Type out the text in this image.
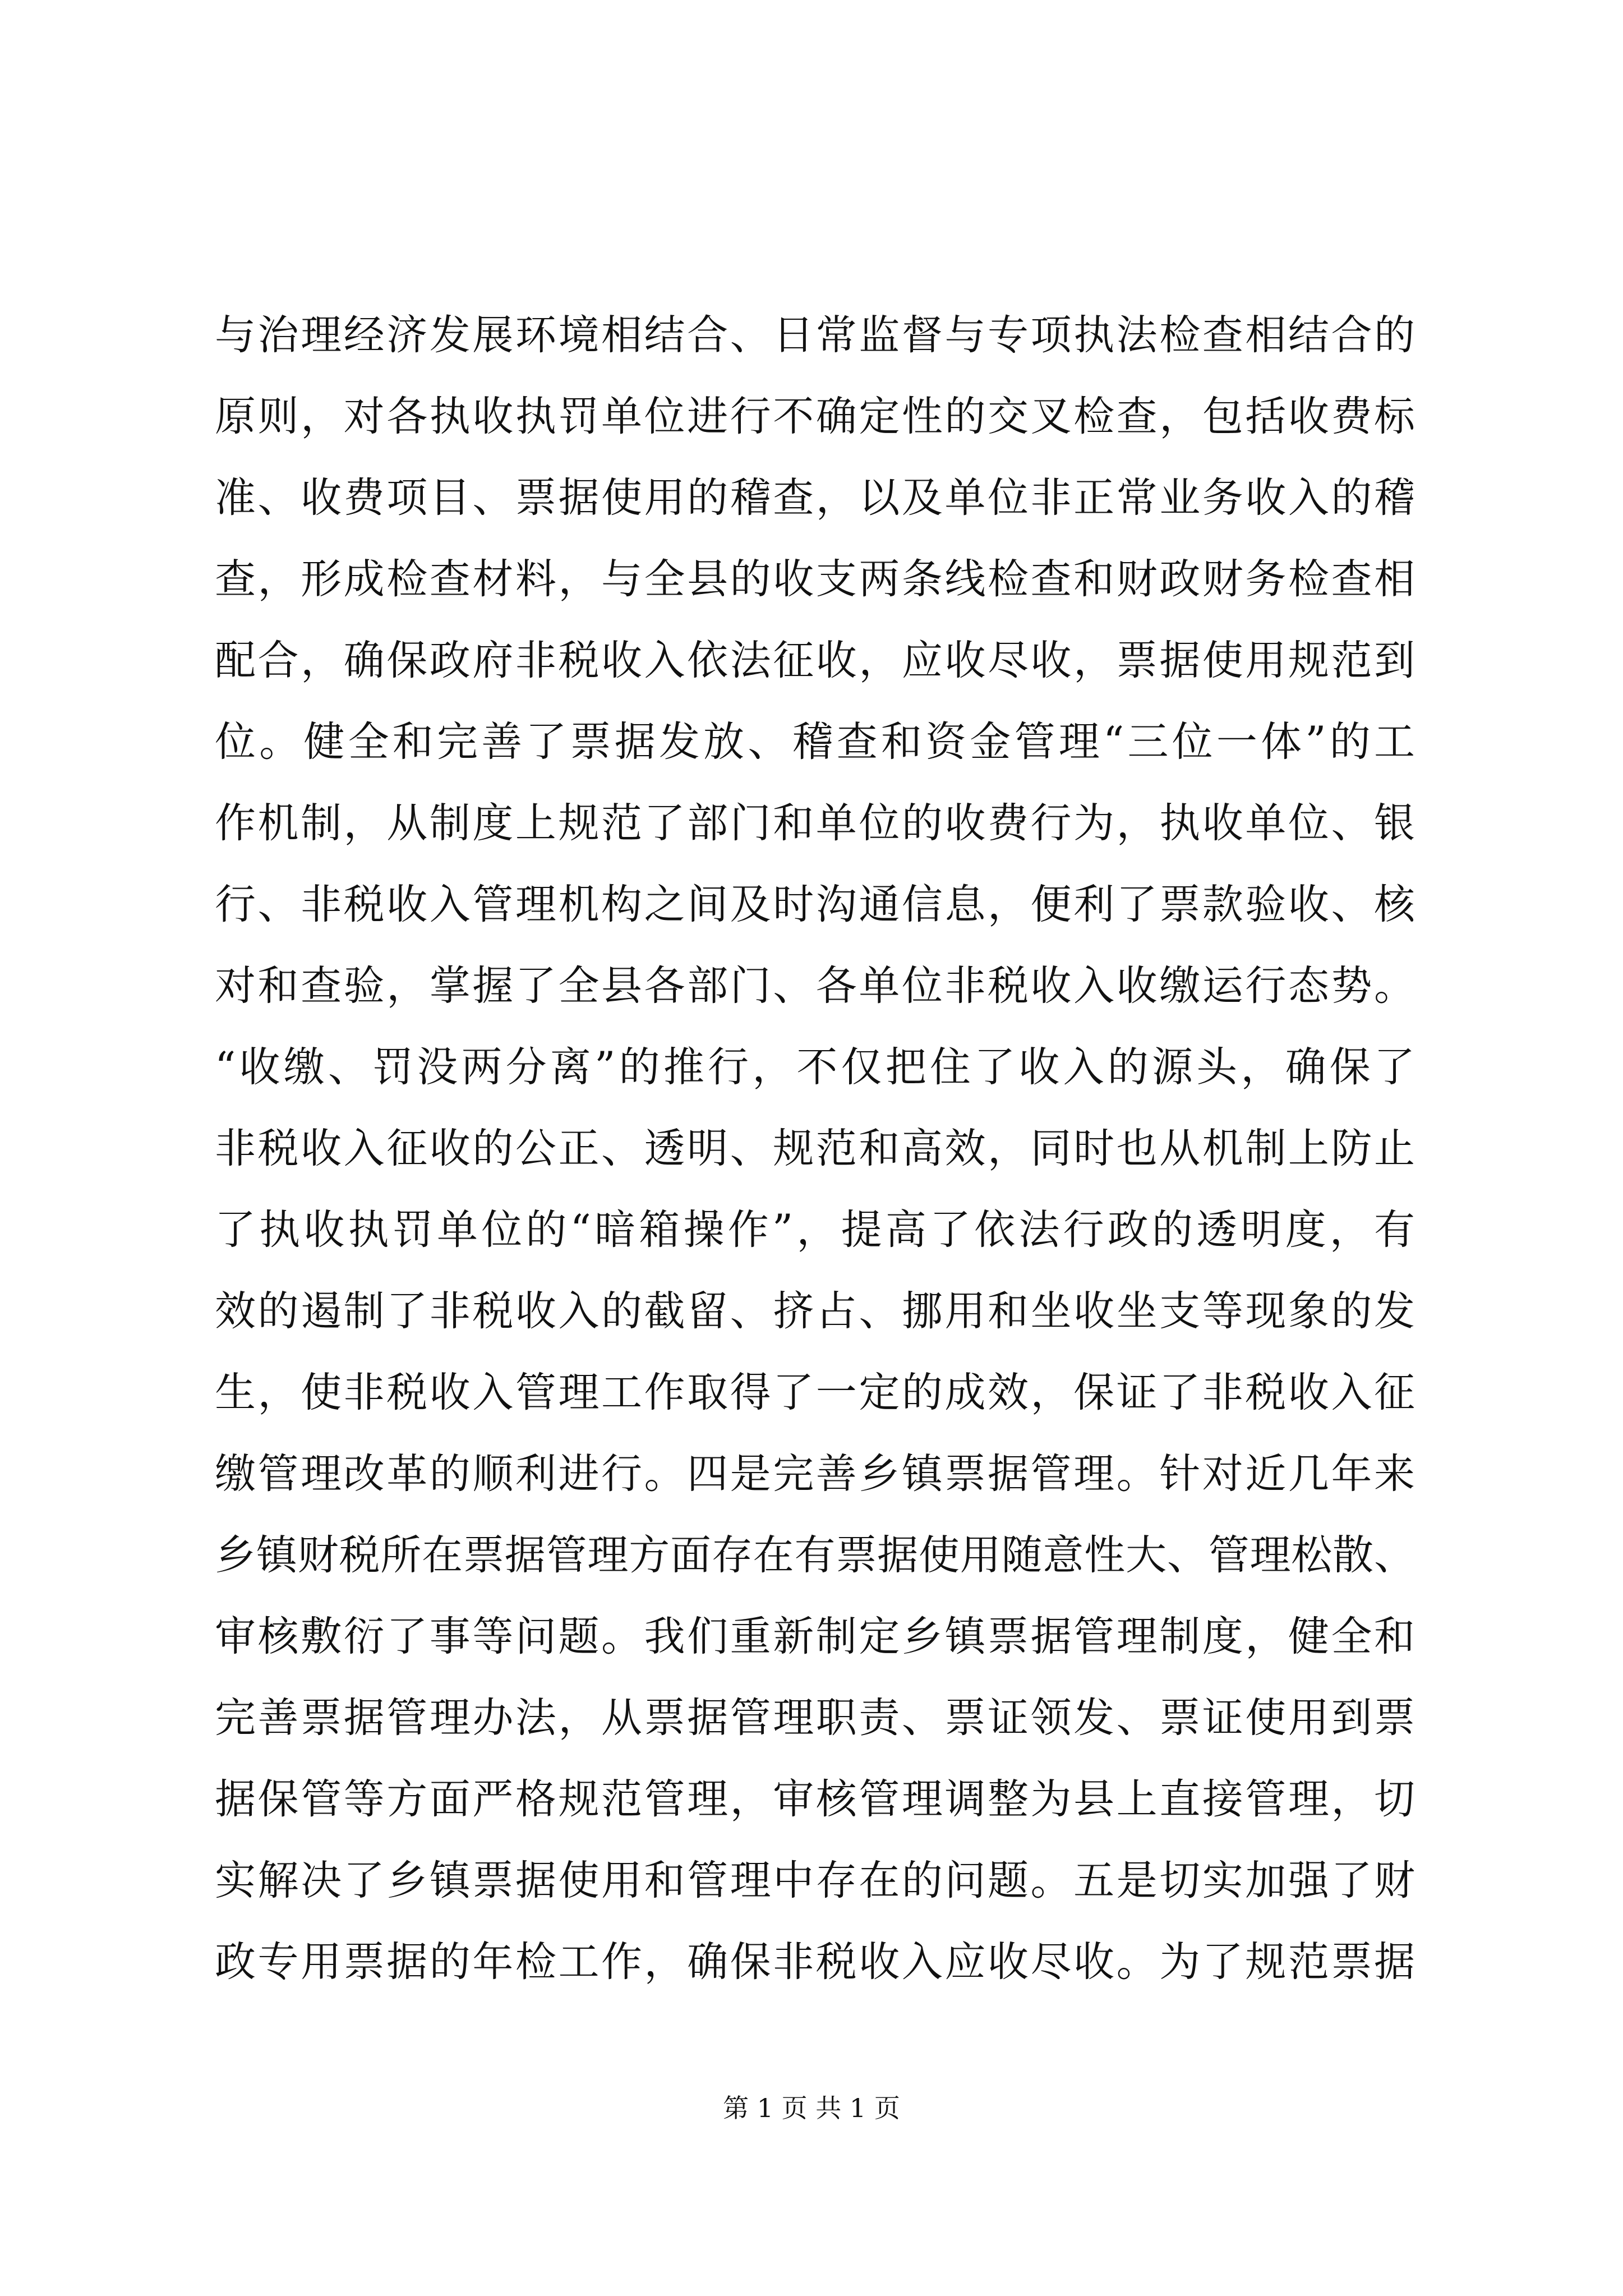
与治理经济发展环境相结合、日常监督与专项执法检查相结合的
原则，对各执收执罚单位进行不确定性的交叉检查，包括收费标
准、收费项目、票据使用的稽查，以及单位非正常业务收入的稽
查，形成检查材料，与全县的收支两条线检查和财政财务检查相
配合，确保政府非税收入依法征收，应收尽收，票据使用规范到
位。健全和完善了票据发放、稽查和资金管理“三位一体”的工
作机制，从制度上规范了部门和单位的收费行为，执收单位、银
行、非税收入管理机构之间及时沟通信息，便利了票款验收、核
对和查验，掌握了全县各部门、各单位非税收入收缴运行态势。
“收缴、罚没两分离”的推行，不仅把住了收入的源头，确保了
非税收入征收的公正、透明、规范和高效，同时也从机制上防止
了执收执罚单位的“暗箱操作”，提高了依法行政的透明度，有
效的遏制了非税收入的截留、挤占、挪用和坐收坐支等现象的发
生，使非税收入管理工作取得了一定的成效，保证了非税收入征
缴管理改革的顺利进行。四是完善乡镇票据管理。针对近几年来
乡镇财税所在票据管理方面存在有票据使用随意性大、管理松散、
审核敷衍了事等问题。我们重新制定乡镇票据管理制度，健全和
完善票据管理办法，从票据管理职责、票证领发、票证使用到票
据保管等方面严格规范管理，审核管理调整为县上直接管理，切
实解决了乡镇票据使用和管理中存在的问题。五是切实加强了财
政专用票据的年检工作，确保非税收入应收尽收。为了规范票据
第 1 页 共 1 页
